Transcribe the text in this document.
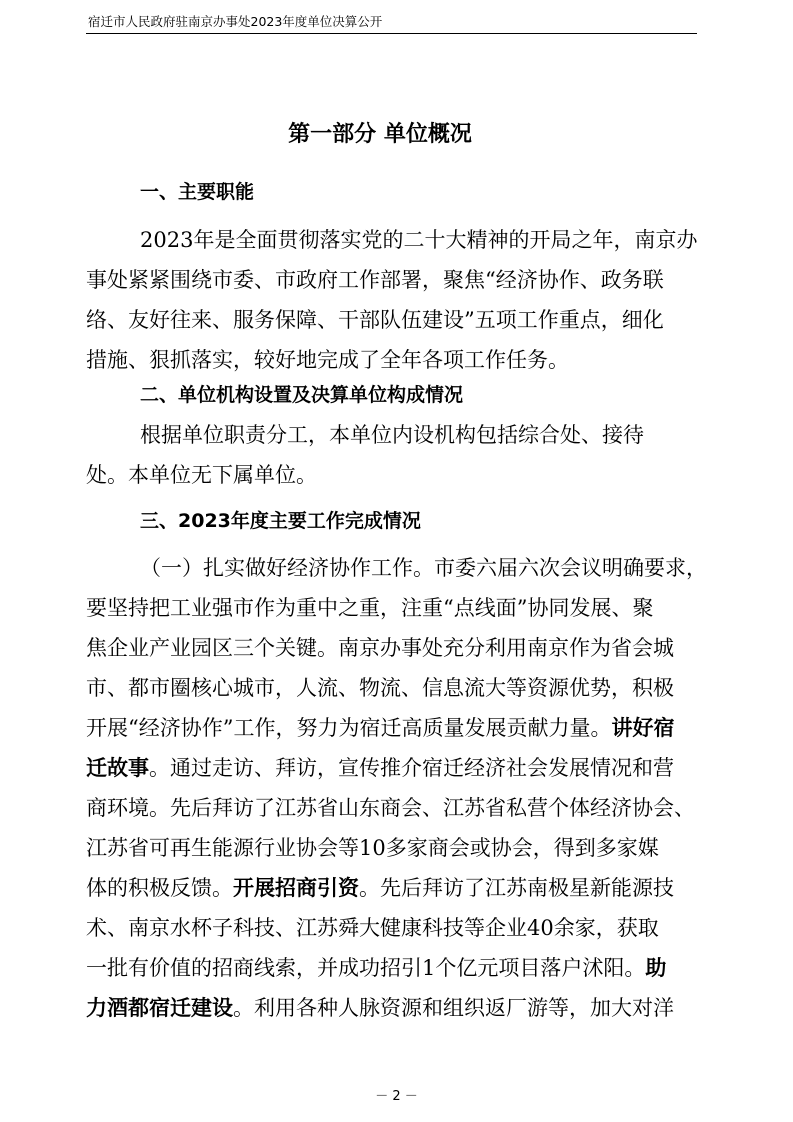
宿迁市人民政府驻南京办事处2023年度单位决算公开
第一部分 单位概况
一、主要职能
2023年是全面贯彻落实党的二十大精神的开局之年，南京办
事处紧紧围绕市委、市政府工作部署，聚焦“经济协作、政务联
络、友好往来、服务保障、干部队伍建设”五项工作重点，细化
措施、狠抓落实，较好地完成了全年各项工作任务。
二、单位机构设置及决算单位构成情况
根据单位职责分工，本单位内设机构包括综合处、接待
处。本单位无下属单位。
三、2023年度主要工作完成情况
（一）扎实做好经济协作工作。市委六届六次会议明确要求，
要坚持把工业强市作为重中之重，注重“点线面”协同发展、聚
焦企业产业园区三个关键。南京办事处充分利用南京作为省会城
市、都市圈核心城市，人流、物流、信息流大等资源优势，积极
开展“经济协作”工作，努力为宿迁高质量发展贡献力量。讲好宿
迁故事。通过走访、拜访，宣传推介宿迁经济社会发展情况和营
商环境。先后拜访了江苏省山东商会、江苏省私营个体经济协会、
江苏省可再生能源行业协会等10多家商会或协会，得到多家媒
体的积极反馈。开展招商引资。先后拜访了江苏南极星新能源技
术、南京水杯子科技、江苏舜大健康科技等企业40余家，获取
一批有价值的招商线索，并成功招引1个亿元项目落户沭阳。助
力酒都宿迁建设。利用各种人脉资源和组织返厂游等，加大对洋
－ 2 －
